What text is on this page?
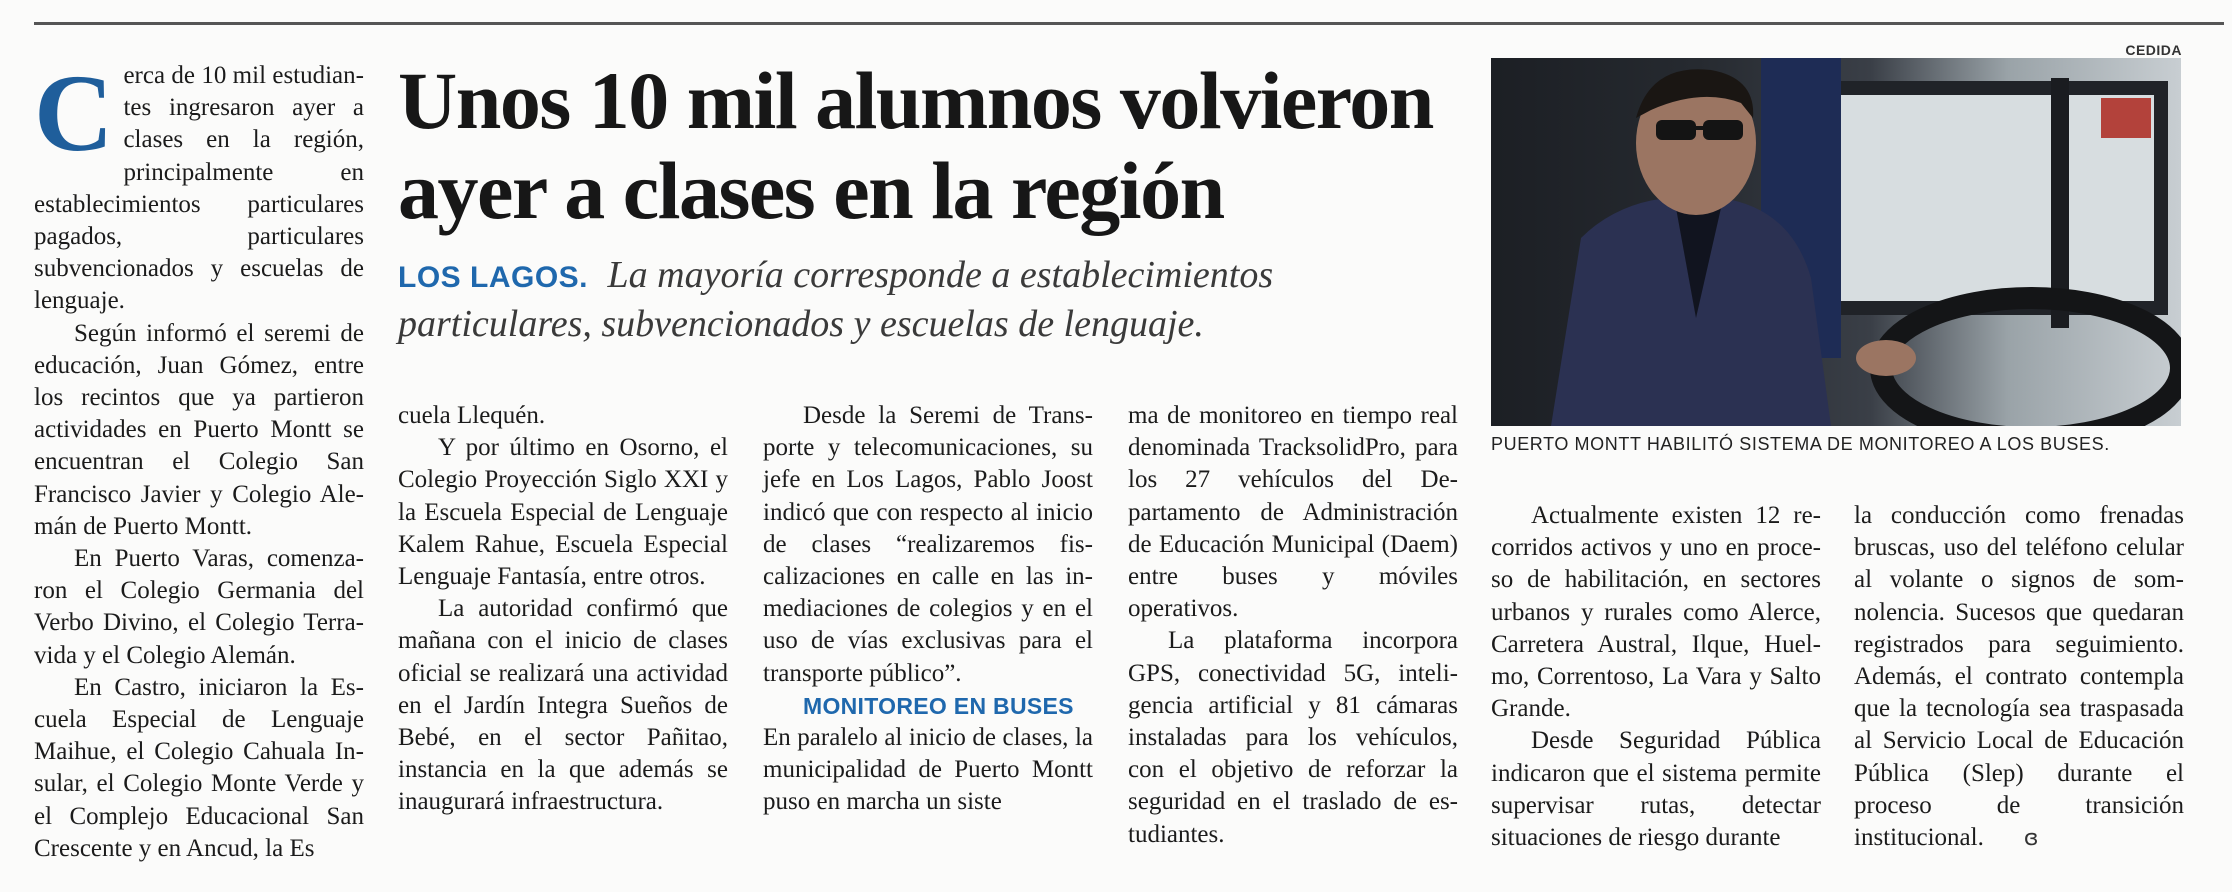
Cerca de 10 mil estudiantes ingresaron ayer a clases en la región, principalmente en establecimientos particulares pagados, particulares subvencionados y escuelas de lenguaje.

Según informó el seremi de educación, Juan Gómez, entre los recintos que ya partieron actividades en Puerto Montt se encuentran el Colegio San Francisco Javier y Colegio Alemán de Puerto Montt.

En Puerto Varas, comenzaron el Colegio Germania del Verbo Divino, el Colegio Terravida y el Colegio Alemán.

En Castro, iniciaron la Escuela Especial de Lenguaje Maihue, el Colegio Cahuala Insular, el Colegio Monte Verde y el Complejo Educacional San Crescente y en Ancud, la Es

Unos 10 mil alumnos volvieron
ayer a clases en la región

LOS LAGOS. La mayoría corresponde a establecimientos particulares, subvencionados y escuelas de lenguaje.

cuela Llequén.

Y por último en Osorno, el Colegio Proyección Siglo XXI y la Escuela Especial de Lenguaje Kalem Rahue, Escuela Especial Lenguaje Fantasía, entre otros.

La autoridad confirmó que mañana con el inicio de clases oficial se realizará una actividad en el Jardín Integra Sueños de Bebé, en el sector Pañitao, instancia en la que además se inaugurará infraestructura.

Desde la Seremi de Transporte y telecomunicaciones, su jefe en Los Lagos, Pablo Joost indicó que con respecto al inicio de clases “realizaremos fiscalizaciones en calle en las inmediaciones de colegios y en el uso de vías exclusivas para el transporte público”.

MONITOREO EN BUSES

En paralelo al inicio de clases, la municipalidad de Puerto Montt puso en marcha un siste

ma de monitoreo en tiempo real denominada TracksolidPro, para los 27 vehículos del Departamento de Administración de Educación Municipal (Daem) entre buses y móviles operativos.

La plataforma incorpora GPS, conectividad 5G, inteligencia artificial y 81 cámaras instaladas para los vehículos, con el objetivo de reforzar la seguridad en el traslado de estudiantes.

CEDIDA
PUERTO MONTT HABILITÓ SISTEMA DE MONITOREO A LOS BUSES.

Actualmente existen 12 recorridos activos y uno en proceso de habilitación, en sectores urbanos y rurales como Alerce, Carretera Austral, Ilque, Huelmo, Correntoso, La Vara y Salto Grande.

Desde Seguridad Pública indicaron que el sistema permite supervisar rutas, detectar situaciones de riesgo durante

la conducción como frenadas bruscas, uso del teléfono celular al volante o signos de somnolencia. Sucesos que quedaran registrados para seguimiento. Además, el contrato contempla que la tecnología sea traspasada al Servicio Local de Educación Pública (Slep) durante el proceso de transición institucional. ɞ
